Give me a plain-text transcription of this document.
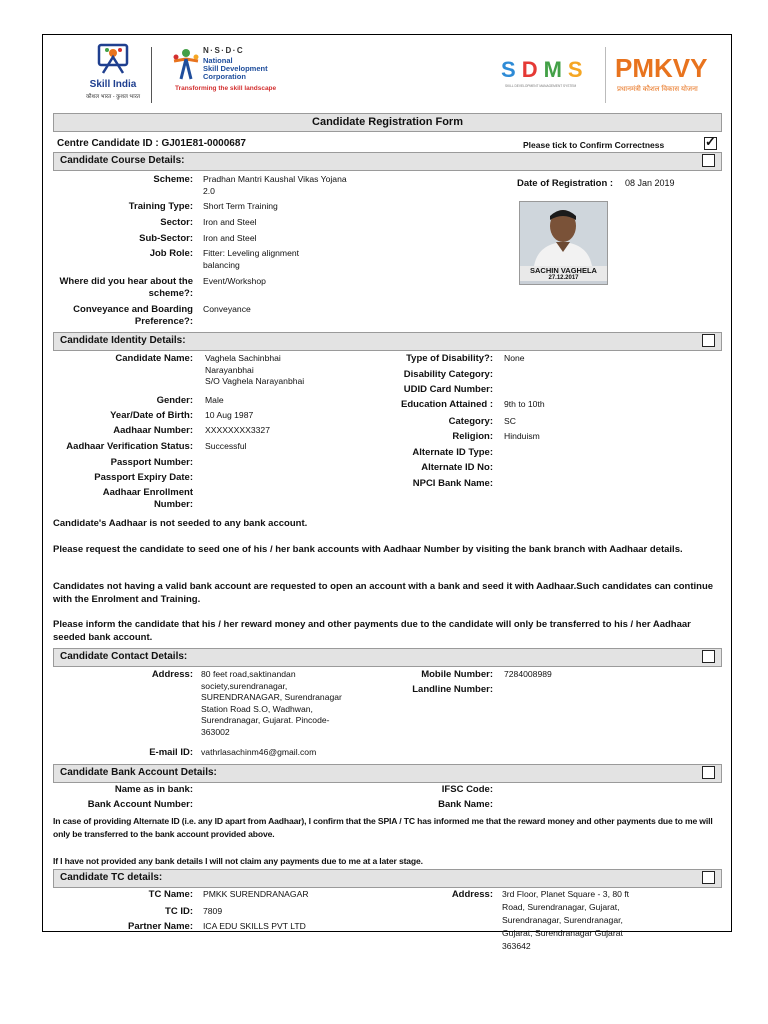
Skill India
कौशल भारत - कुशल भारत
N·S·D·C
National
Skill Development
Corporation
Transforming the skill landscape
SDMS
SKILL DEVELOPMENT MANAGEMENT SYSTEM
PMKVY
प्रधानमंत्री कौशल विकास योजना
Candidate Registration Form
Centre Candidate ID : GJ01E81-0000687	Please tick to Confirm Correctness	✓
Candidate Course Details:
Scheme: Pradhan Mantri Kaushal Vikas Yojana 2.0
Training Type: Short Term Training
Sector: Iron and Steel
Sub-Sector: Iron and Steel
Job Role: Fitter: Leveling alignment balancing
Where did you hear about the scheme?:
Event/Workshop
Conveyance and Boarding Preference?:
Conveyance
Date of Registration : 08 Jan 2019
SACHIN VAGHELA
27.12.2017
Candidate Identity Details:
Candidate Name: Vaghela Sachinbhai Narayanbhai
S/O Vaghela Narayanbhai
Gender: Male
Year/Date of Birth: 10 Aug 1987
Aadhaar Number: XXXXXXXX3327
Aadhaar Verification Status: Successful
Passport Number:
Passport Expiry Date:
Aadhaar Enrollment Number:
Type of Disability?: None
Disability Category:
UDID Card Number:
Education Attained : 9th to 10th
Category: SC
Religion: Hinduism
Alternate ID Type:
Alternate ID No:
NPCI Bank Name:
Candidate's Aadhaar is not seeded to any bank account.
Please request the candidate to seed one of his / her bank accounts with Aadhaar Number by visiting the bank branch with Aadhaar details.
Candidates not having a valid bank account are requested to open an account with a bank and seed it with Aadhaar.Such candidates can continue with the Enrolment and Training.
Please inform the candidate that his / her reward money and other payments due to the candidate will only be transferred to his / her Aadhaar seeded bank account.
Candidate Contact Details:
Address: 80 feet road,saktinandan society,surendranagar, SURENDRANAGAR, Surendranagar Station Road S.O, Wadhwan, Surendranagar, Gujarat. Pincode- 363002
E-mail ID: vathrlasachinm46@gmail.com
Mobile Number: 7284008989
Landline Number:
Candidate Bank Account Details:
Name as in bank:
Bank Account Number:
IFSC Code:
Bank Name:
In case of providing Alternate ID (i.e. any ID apart from Aadhaar), I confirm that the SPIA / TC has informed me that the reward money and other payments due to me will only be transferred to the bank account provided above.
If I have not provided any bank details I will not claim any payments due to me at a later stage.
Candidate TC details:
TC Name: PMKK SURENDRANAGAR
TC ID: 7809
Partner Name: ICA EDU SKILLS PVT LTD
Address: 3rd Floor, Planet Square - 3, 80 ft Road, Surendranagar, Gujarat, Surendranagar, Surendranagar, Gujarat, Surendranagar Gujarat 363642
